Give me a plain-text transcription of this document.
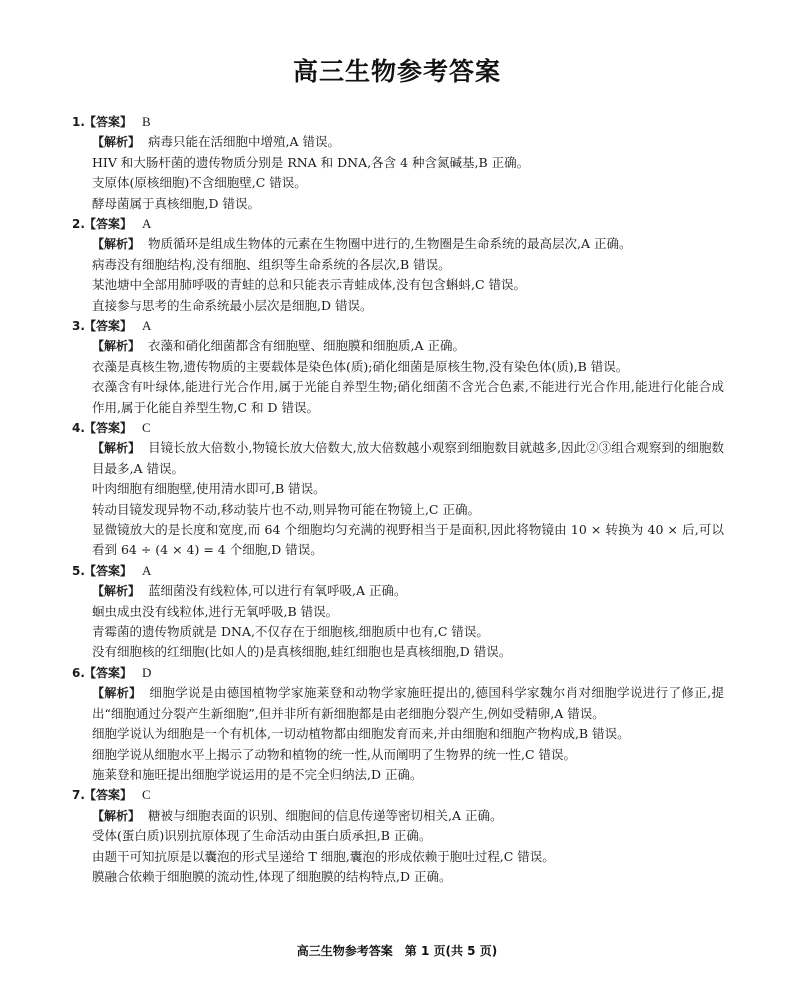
高三生物参考答案
1.【答案】 B

【解析】 病毒只能在活细胞中增殖,A 错误。

HIV 和大肠杆菌的遗传物质分别是 RNA 和 DNA,各含 4 种含氮碱基,B 正确。

支原体(原核细胞)不含细胞壁,C 错误。

酵母菌属于真核细胞,D 错误。

2.【答案】 A

【解析】 物质循环是组成生物体的元素在生物圈中进行的,生物圈是生命系统的最高层次,A 正确。

病毒没有细胞结构,没有细胞、组织等生命系统的各层次,B 错误。

某池塘中全部用肺呼吸的青蛙的总和只能表示青蛙成体,没有包含蝌蚪,C 错误。

直接参与思考的生命系统最小层次是细胞,D 错误。

3.【答案】 A

【解析】 衣藻和硝化细菌都含有细胞壁、细胞膜和细胞质,A 正确。

衣藻是真核生物,遗传物质的主要载体是染色体(质);硝化细菌是原核生物,没有染色体(质),B 错误。

衣藻含有叶绿体,能进行光合作用,属于光能自养型生物;硝化细菌不含光合色素,不能进行光合作用,能进行化能合成作用,属于化能自养型生物,C 和 D 错误。

4.【答案】 C

【解析】 目镜长放大倍数小,物镜长放大倍数大,放大倍数越小观察到细胞数目就越多,因此②③组合观察到的细胞数目最多,A 错误。

叶肉细胞有细胞壁,使用清水即可,B 错误。

转动目镜发现异物不动,移动装片也不动,则异物可能在物镜上,C 正确。

显微镜放大的是长度和宽度,而 64 个细胞均匀充满的视野相当于是面积,因此将物镜由 10 × 转换为 40 × 后,可以看到 64 ÷ (4 × 4) = 4 个细胞,D 错误。

5.【答案】 A

【解析】 蓝细菌没有线粒体,可以进行有氧呼吸,A 正确。

蛔虫成虫没有线粒体,进行无氧呼吸,B 错误。

青霉菌的遗传物质就是 DNA,不仅存在于细胞核,细胞质中也有,C 错误。

没有细胞核的红细胞(比如人的)是真核细胞,蛙红细胞也是真核细胞,D 错误。

6.【答案】 D

【解析】 细胞学说是由德国植物学家施莱登和动物学家施旺提出的,德国科学家魏尔肖对细胞学说进行了修正,提出“细胞通过分裂产生新细胞”,但并非所有新细胞都是由老细胞分裂产生,例如受精卵,A 错误。

细胞学说认为细胞是一个有机体,一切动植物都由细胞发育而来,并由细胞和细胞产物构成,B 错误。

细胞学说从细胞水平上揭示了动物和植物的统一性,从而阐明了生物界的统一性,C 错误。

施莱登和施旺提出细胞学说运用的是不完全归纳法,D 正确。

7.【答案】 C

【解析】 糖被与细胞表面的识别、细胞间的信息传递等密切相关,A 正确。

受体(蛋白质)识别抗原体现了生命活动由蛋白质承担,B 正确。

由题干可知抗原是以囊泡的形式呈递给 T 细胞,囊泡的形成依赖于胞吐过程,C 错误。

膜融合依赖于细胞膜的流动性,体现了细胞膜的结构特点,D 正确。

高三生物参考答案　第 1 页(共 5 页)
